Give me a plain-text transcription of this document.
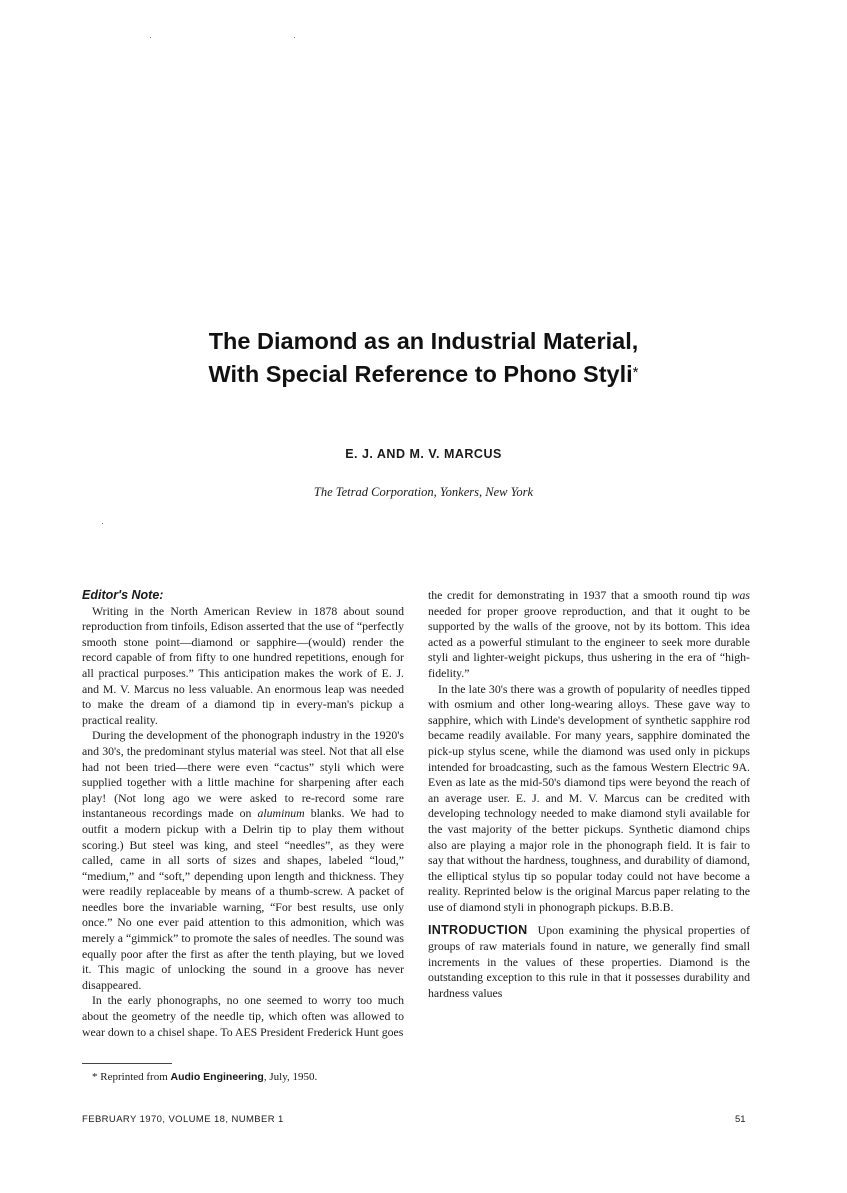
The Diamond as an Industrial Material,
With Special Reference to Phono Styli*

E. J. AND M. V. MARCUS

The Tetrad Corporation, Yonkers, New York

Editor's Note:

Writing in the North American Review in 1878 about sound reproduction from tinfoils, Edison asserted that the use of “perfectly smooth stone point—diamond or sapphire—(would) render the record capable of from fifty to one hundred repetitions, enough for all practical purposes.” This anticipation makes the work of E. J. and M. V. Marcus no less valuable. An enormous leap was needed to make the dream of a diamond tip in every-man's pickup a practical reality.

During the development of the phonograph industry in the 1920's and 30's, the predominant stylus material was steel. Not that all else had not been tried—there were even “cactus” styli which were supplied together with a little machine for sharpening after each play! (Not long ago we were asked to re-record some rare instantaneous recordings made on aluminum blanks. We had to outfit a modern pickup with a Delrin tip to play them without scoring.) But steel was king, and steel “needles”, as they were called, came in all sorts of sizes and shapes, labeled “loud,” “medium,” and “soft,” depending upon length and thickness. They were readily replaceable by means of a thumb-screw. A packet of needles bore the invariable warning, “For best results, use only once.” No one ever paid attention to this admonition, which was merely a “gimmick” to promote the sales of needles. The sound was equally poor after the first as after the tenth playing, but we loved it. This magic of unlocking the sound in a groove has never disappeared.

In the early phonographs, no one seemed to worry too much about the geometry of the needle tip, which often was allowed to wear down to a chisel shape. To AES President Frederick Hunt goes

the credit for demonstrating in 1937 that a smooth round tip was needed for proper groove reproduction, and that it ought to be supported by the walls of the groove, not by its bottom. This idea acted as a powerful stimulant to the engineer to seek more durable styli and lighter-weight pickups, thus ushering in the era of “high-fidelity.”

In the late 30's there was a growth of popularity of needles tipped with osmium and other long-wearing alloys. These gave way to sapphire, which with Linde's development of synthetic sapphire rod became readily available. For many years, sapphire dominated the pick-up stylus scene, while the diamond was used only in pickups intended for broadcasting, such as the famous Western Electric 9A. Even as late as the mid-50's diamond tips were beyond the reach of an average user. E. J. and M. V. Marcus can be credited with developing technology needed to make diamond styli available for the vast majority of the better pickups. Synthetic diamond chips also are playing a major role in the phonograph field. It is fair to say that without the hardness, toughness, and durability of diamond, the elliptical stylus tip so popular today could not have become a reality. Reprinted below is the original Marcus paper relating to the use of diamond styli in phonograph pickups. B.B.B.

INTRODUCTION Upon examining the physical properties of groups of raw materials found in nature, we generally find small increments in the values of these properties. Diamond is the outstanding exception to this rule in that it possesses durability and hardness values

* Reprinted from Audio Engineering, July, 1950.

FEBRUARY 1970, VOLUME 18, NUMBER 1	51
